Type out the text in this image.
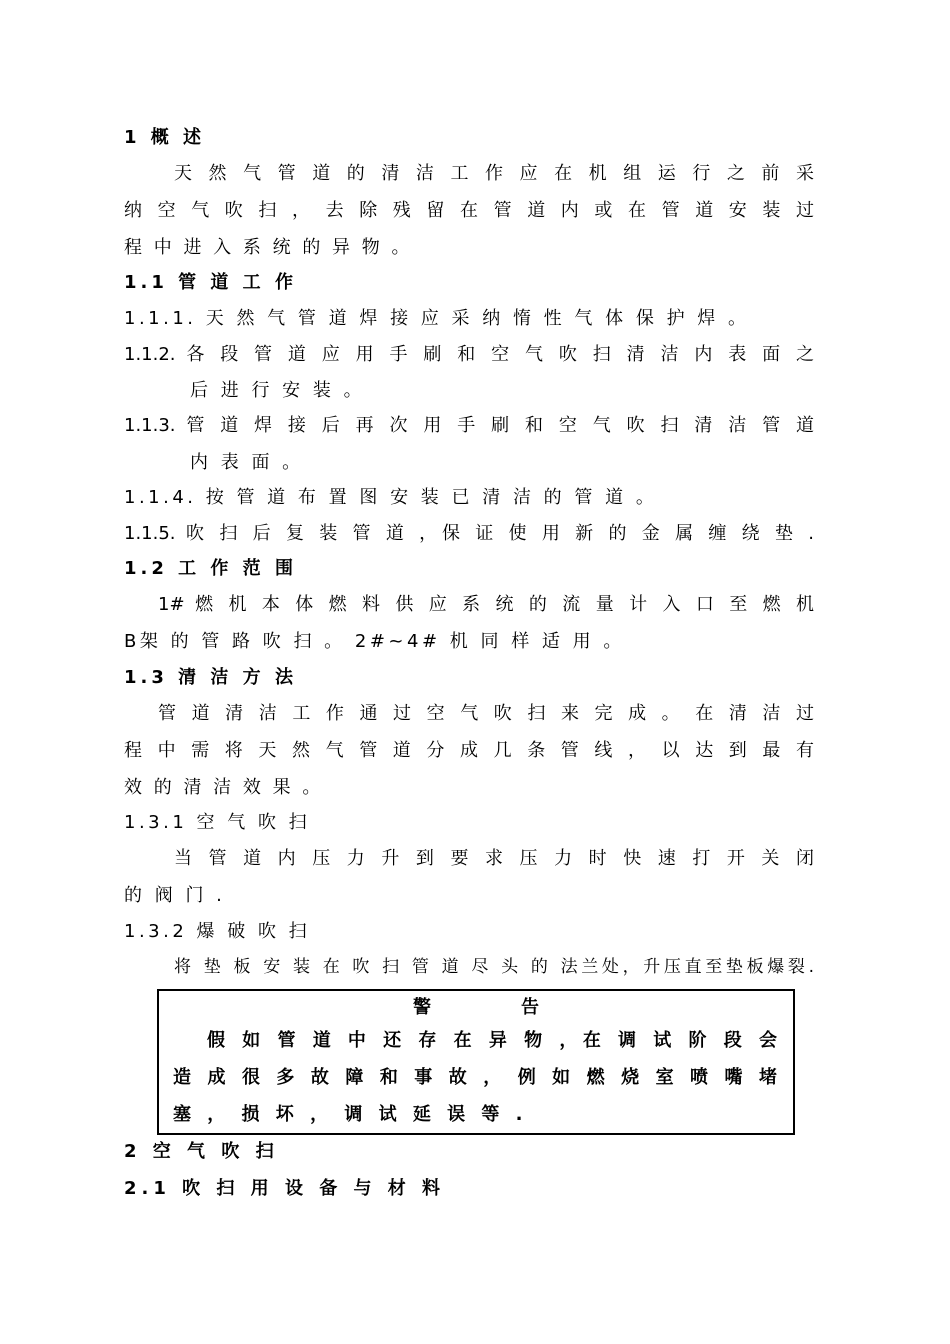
1 概 述
天 然 气 管 道 的 清 洁 工 作 应 在 机 组 运 行 之 前 采
纳 空 气 吹 扫 ， 去 除 残 留 在 管 道 内 或 在 管 道 安 装 过
程 中 进 入 系 统 的 异 物 。
1.1 管 道 工 作
1.1.1. 天 然 气 管 道 焊 接 应 采 纳 惰 性 气 体 保 护 焊 。
1.1.2. 各 段 管 道 应 用 手 刷 和 空 气 吹 扫 清 洁 内 表 面 之
后 进 行 安 装 。
1.1.3. 管 道 焊 接 后 再 次 用 手 刷 和 空 气 吹 扫 清 洁 管 道
内 表 面 。
1.1.4. 按 管 道 布 置 图 安 装 已 清 洁 的 管 道 。
1.1.5. 吹 扫 后 复 装 管 道 ，保 证 使 用 新 的 金 属 缠 绕 垫 .
1.2 工 作 范 围
1# 燃 机 本 体 燃 料 供 应 系 统 的 流 量 计 入 口 至 燃 机
B架 的 管 路 吹 扫 。 2#~4# 机 同 样 适 用 。
1.3 清 洁 方 法
管 道 清 洁 工 作 通 过 空 气 吹 扫 来 完 成 。 在 清 洁 过
程 中 需 将 天 然 气 管 道 分 成 几 条 管 线 ， 以 达 到 最 有
效 的 清 洁 效 果 。
1.3.1 空 气 吹 扫
当 管 道 内 压 力 升 到 要 求 压 力 时 快 速 打 开 关 闭
的 阀 门 .
1.3.2 爆 破 吹 扫
将 垫 板 安 装 在 吹 扫 管 道 尽 头 的 法兰处，升压直至垫板爆裂.
警告
假 如 管 道 中 还 存 在 异 物 ，在 调 试 阶 段 会
造 成 很 多 故 障 和 事 故 ， 例 如 燃 烧 室 喷 嘴 堵
塞 ， 损 坏 ， 调 试 延 误 等 .
2 空 气 吹 扫
2.1 吹 扫 用 设 备 与 材 料
